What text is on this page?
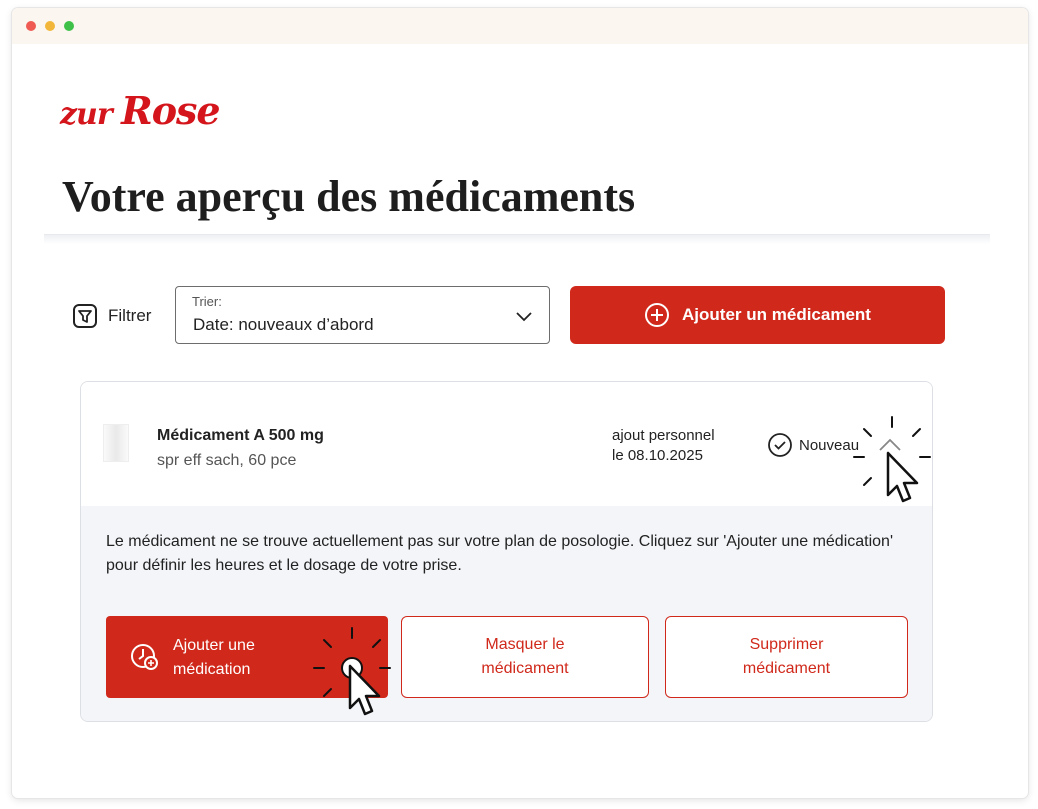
zur Rose
Votre aperçu des médicaments
Filtrer
Trier:
Date: nouveaux d’abord
Ajouter un médicament
Médicament A 500 mg
spr eff sach, 60 pce
ajout personnel
le 08.10.2025
Nouveau

Le médicament ne se trouve actuellement pas sur votre plan de posologie. Cliquez sur 'Ajouter une médication' pour définir les heures et le dosage de votre prise.

Ajouter une
médication
Masquer le
médicament
Supprimer
médicament
